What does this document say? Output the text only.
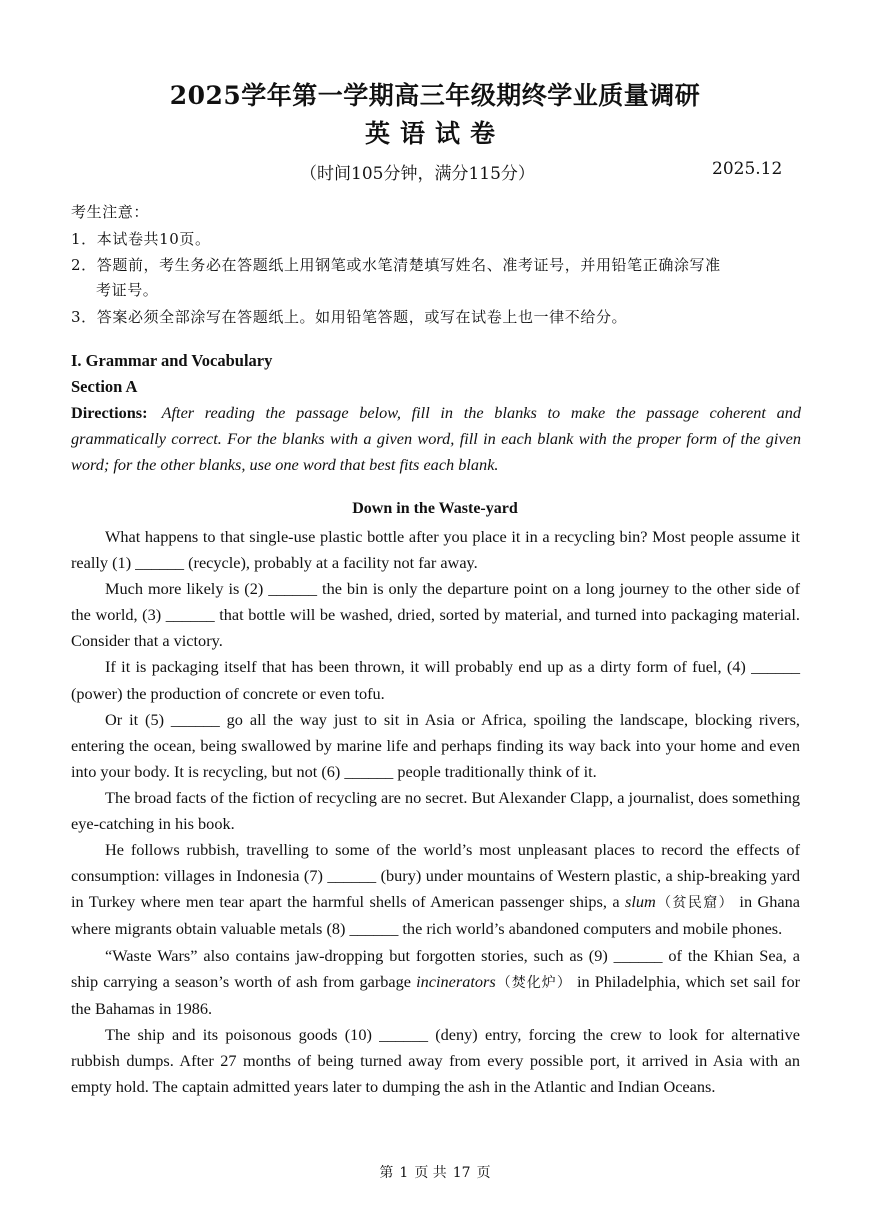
2025学年第一学期高三年级期终学业质量调研
英语试卷
（时间105分钟，满分115分）	2025.12
考生注意：
1．本试卷共10页。
2．答题前，考生务必在答题纸上用钢笔或水笔清楚填写姓名、准考证号，并用铅笔正确涂写准
考证号。
3．答案必须全部涂写在答题纸上。如用铅笔答题，或写在试卷上也一律不给分。
I. Grammar and Vocabulary
Section A
Directions: After reading the passage below, fill in the blanks to make the passage coherent and grammatically correct. For the blanks with a given word, fill in each blank with the proper form of the given word; for the other blanks, use one word that best fits each blank.
Down in the Waste-yard

What happens to that single-use plastic bottle after you place it in a recycling bin? Most people assume it really (1) ______ (recycle), probably at a facility not far away.

Much more likely is (2) ______ the bin is only the departure point on a long journey to the other side of the world, (3) ______ that bottle will be washed, dried, sorted by material, and turned into packaging material. Consider that a victory.

If it is packaging itself that has been thrown, it will probably end up as a dirty form of fuel, (4) ______ (power) the production of concrete or even tofu.

Or it (5) ______ go all the way just to sit in Asia or Africa, spoiling the landscape, blocking rivers, entering the ocean, being swallowed by marine life and perhaps finding its way back into your home and even into your body. It is recycling, but not (6) ______ people traditionally think of it.

The broad facts of the fiction of recycling are no secret. But Alexander Clapp, a journalist, does something eye-catching in his book.

He follows rubbish, travelling to some of the world’s most unpleasant places to record the effects of consumption: villages in Indonesia (7) ______ (bury) under mountains of Western plastic, a ship-breaking yard in Turkey where men tear apart the harmful shells of American passenger ships, a slum（贫民窟） in Ghana where migrants obtain valuable metals (8) ______ the rich world’s abandoned computers and mobile phones.

“Waste Wars” also contains jaw-dropping but forgotten stories, such as (9) ______ of the Khian Sea, a ship carrying a season’s worth of ash from garbage incinerators（焚化炉） in Philadelphia, which set sail for the Bahamas in 1986.

The ship and its poisonous goods (10) ______ (deny) entry, forcing the crew to look for alternative rubbish dumps. After 27 months of being turned away from every possible port, it arrived in Asia with an empty hold. The captain admitted years later to dumping the ash in the Atlantic and Indian Oceans.

第 1 页 共 17 页
